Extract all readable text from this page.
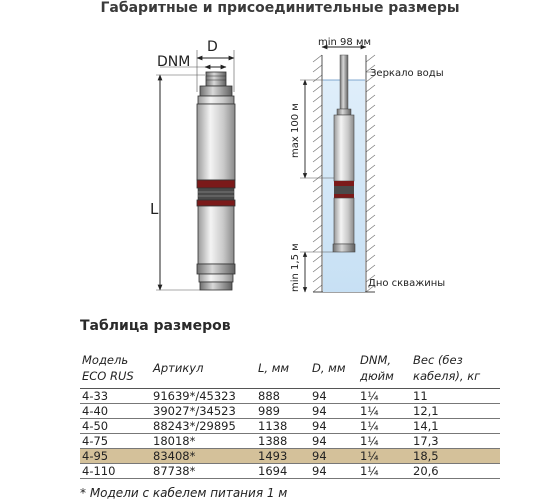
Габаритные и присоединительные размеры
DNM
D
L
min 98 мм
Зеркало воды
max 100 м
min 1,5 м	Дно скважины
Таблица размеров
Модель
ECO RUS
Артикул	L, мм D, мм
DNM,
дюйм
Вес (без
кабеля), кг
4-33	91639*/45323 888	94	1¼	11
4-40	39027*/34523 989	94	1¼	12,1
4-50	88243*/29895 1138 94	1¼	14,1
4-75	18018*	1388 94	1¼	17,3
4-95	83408*	1493 94	1¼	18,5
4-110	87738*	1694 94	1¼	20,6
* Модели с кабелем питания 1 м
